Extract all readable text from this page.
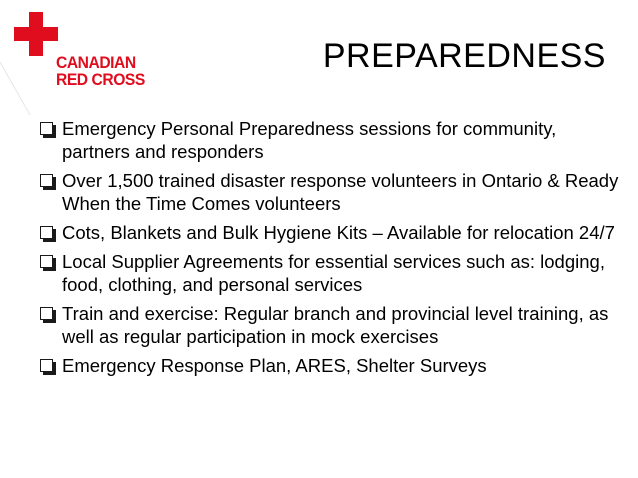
CANADIAN
RED CROSS
PREPAREDNESS
Emergency Personal Preparedness sessions for community, partners and responders
Over 1,500 trained disaster response volunteers in Ontario & Ready When the Time Comes volunteers
Cots, Blankets and Bulk Hygiene Kits – Available for relocation 24/7
Local Supplier Agreements for essential services such as: lodging, food, clothing, and personal services
Train and exercise: Regular branch and provincial level training, as well as regular participation in mock exercises
Emergency Response Plan, ARES, Shelter Surveys
